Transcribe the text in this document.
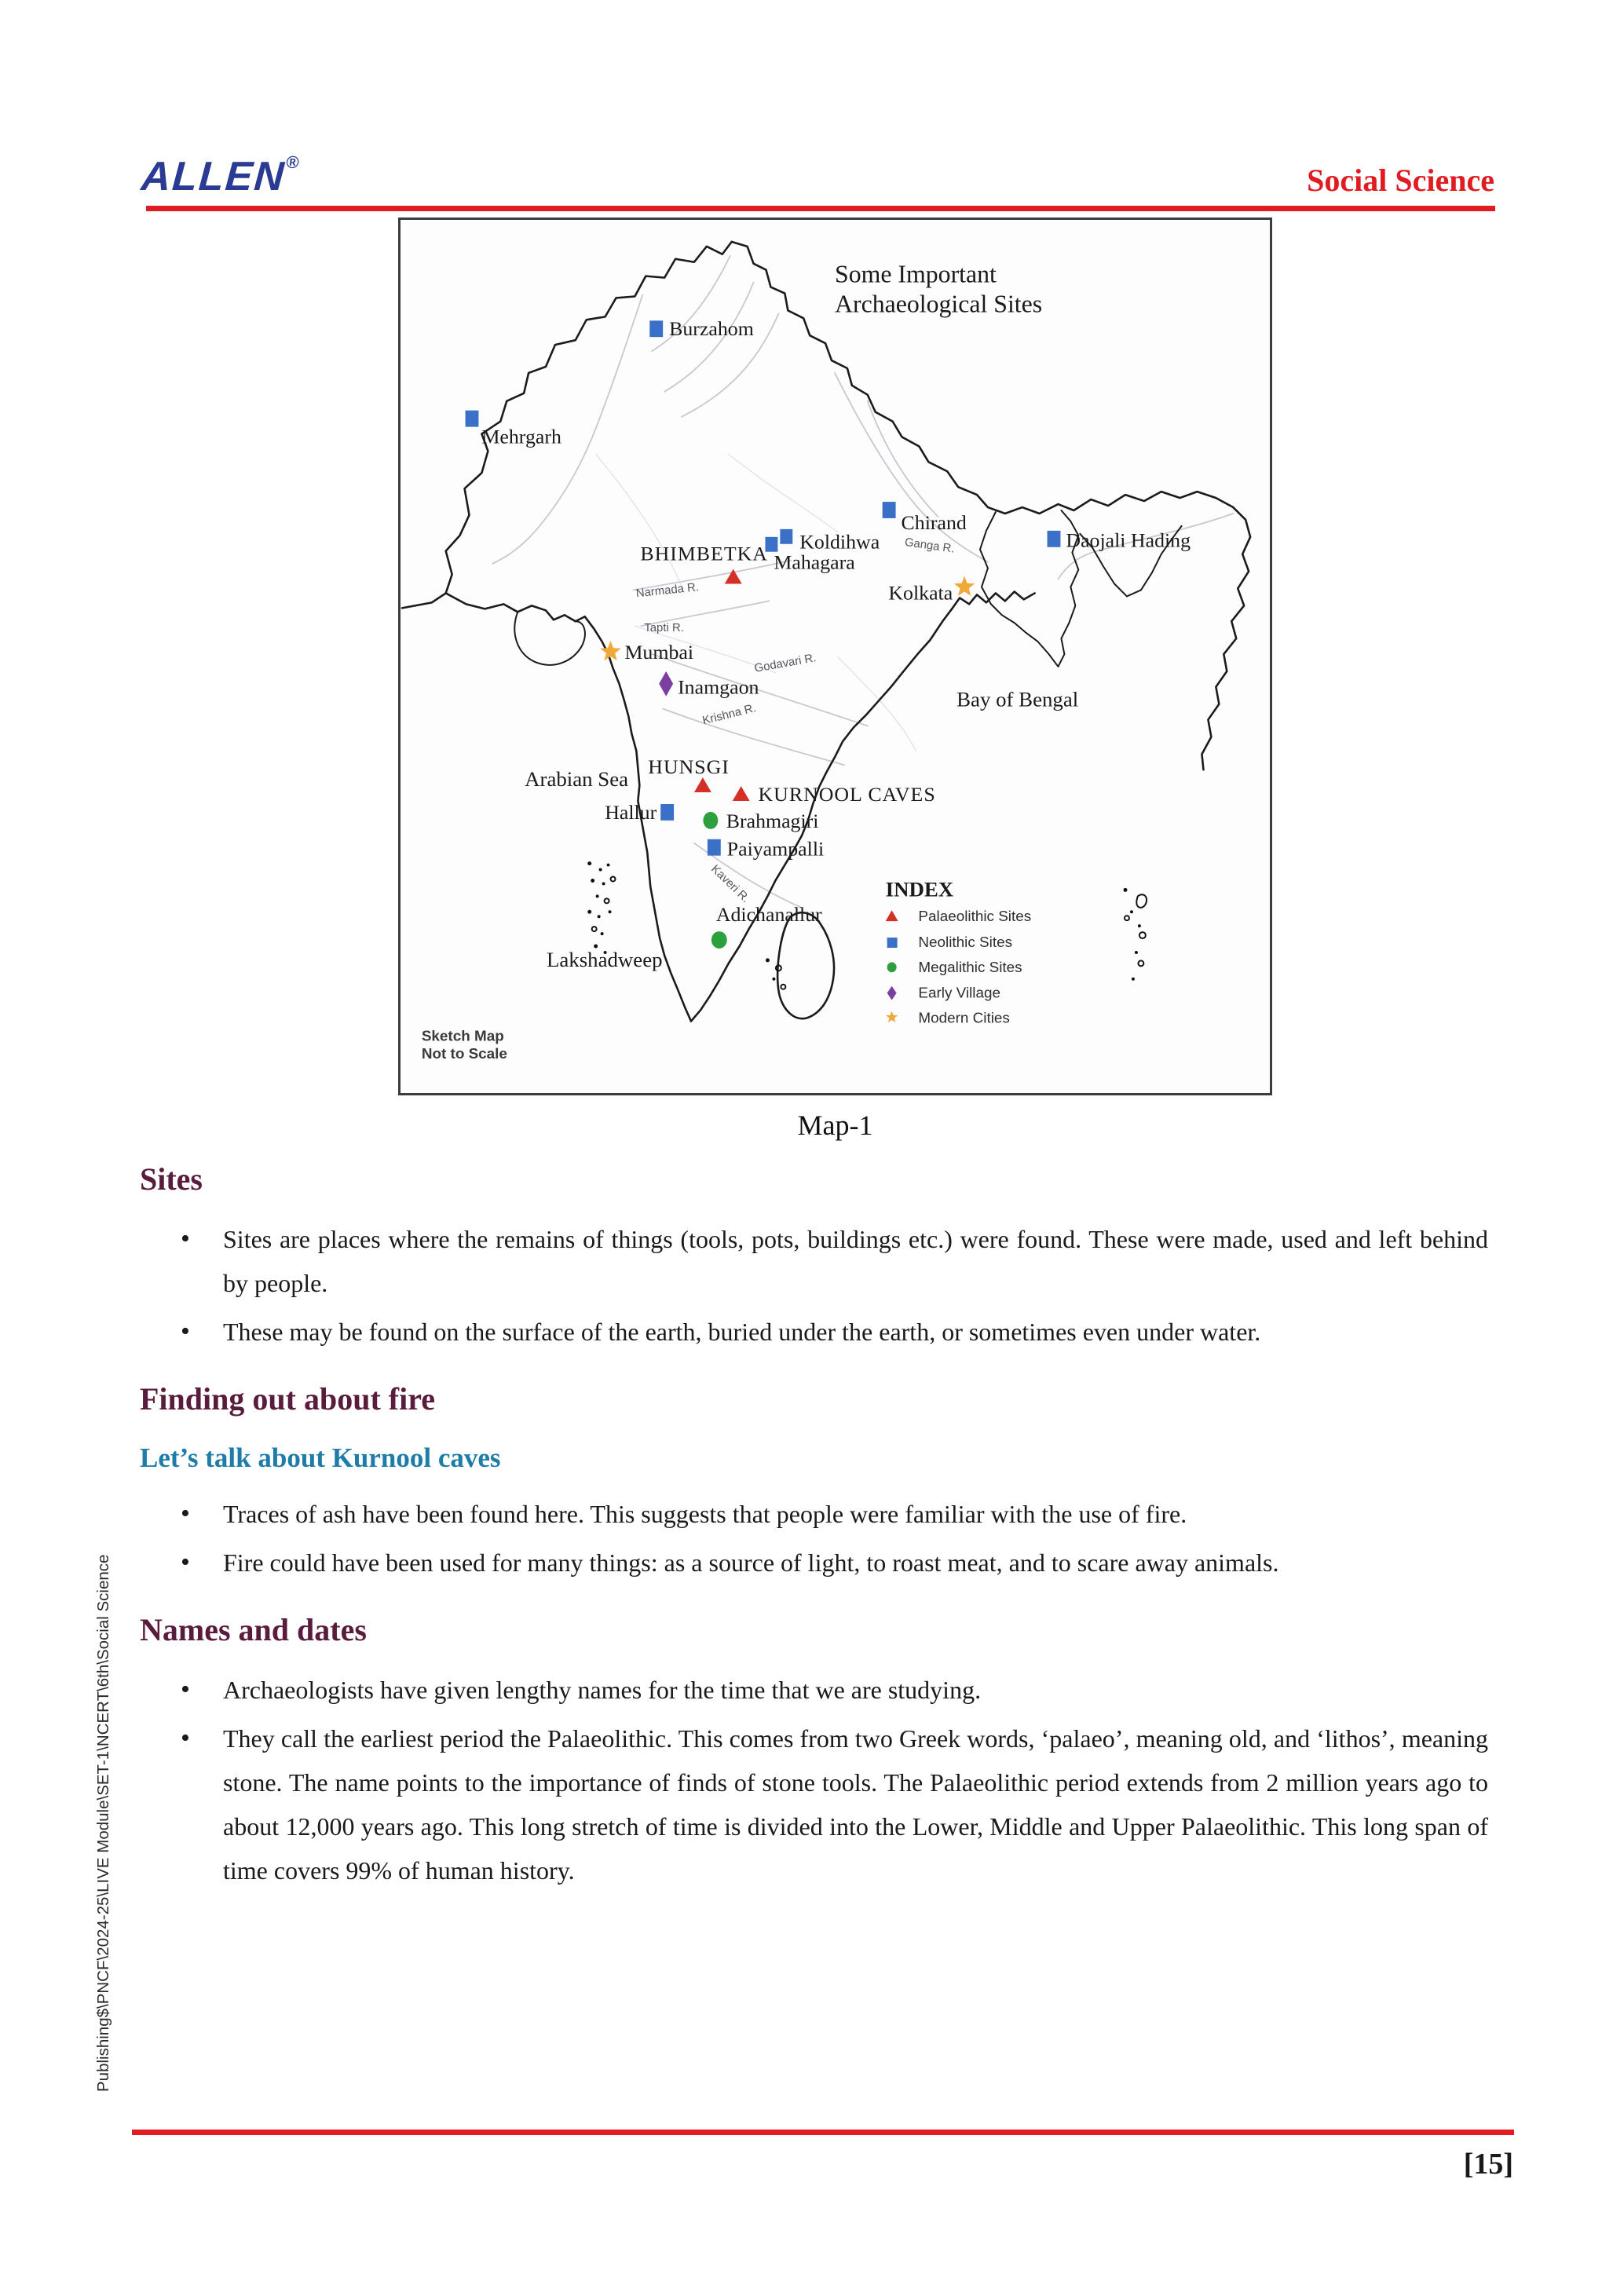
ALLEN®
Social Science
Some Important
Archaeological Sites
Arabian Sea
Bay of Bengal
Lakshadweep
Ganga R.
Narmada R.
Tapti R.
Godavari R.
Krishna R.
Kaveri R.
Burzahom
Mehrgarh
Chirand
Koldihwa
Mahagara
BHIMBETKA
Daojali Hading
Kolkata
Mumbai
Inamgaon
HUNSGI
KURNOOL CAVES
Hallur	Brahmagiri
Paiyampalli
Adichanallur
INDEX
Palaeolithic Sites
Neolithic Sites
Megalithic Sites
Early Village
Modern Cities
Sketch Map
Not to Scale
Map-1
Sites
• Sites are places where the remains of things (tools, pots, buildings etc.) were found. These were made, used and left behind by people.
• These may be found on the surface of the earth, buried under the earth, or sometimes even under water.
Finding out about fire
Let’s talk about Kurnool caves
• Traces of ash have been found here. This suggests that people were familiar with the use of fire.
• Fire could have been used for many things: as a source of light, to roast meat, and to scare away animals.
Names and dates
• Archaeologists have given lengthy names for the time that we are studying.
• They call the earliest period the Palaeolithic. This comes from two Greek words, ‘palaeo’, meaning old, and ‘lithos’, meaning stone. The name points to the importance of finds of stone tools. The Palaeolithic period extends from 2 million years ago to about 12,000 years ago. This long stretch of time is divided into the Lower, Middle and Upper Palaeolithic. This long span of time covers 99% of human history.
[15]
Publishing$\PNCF\2024-25\LIVE Module\SET-1\NCERT\6th\Social Science
